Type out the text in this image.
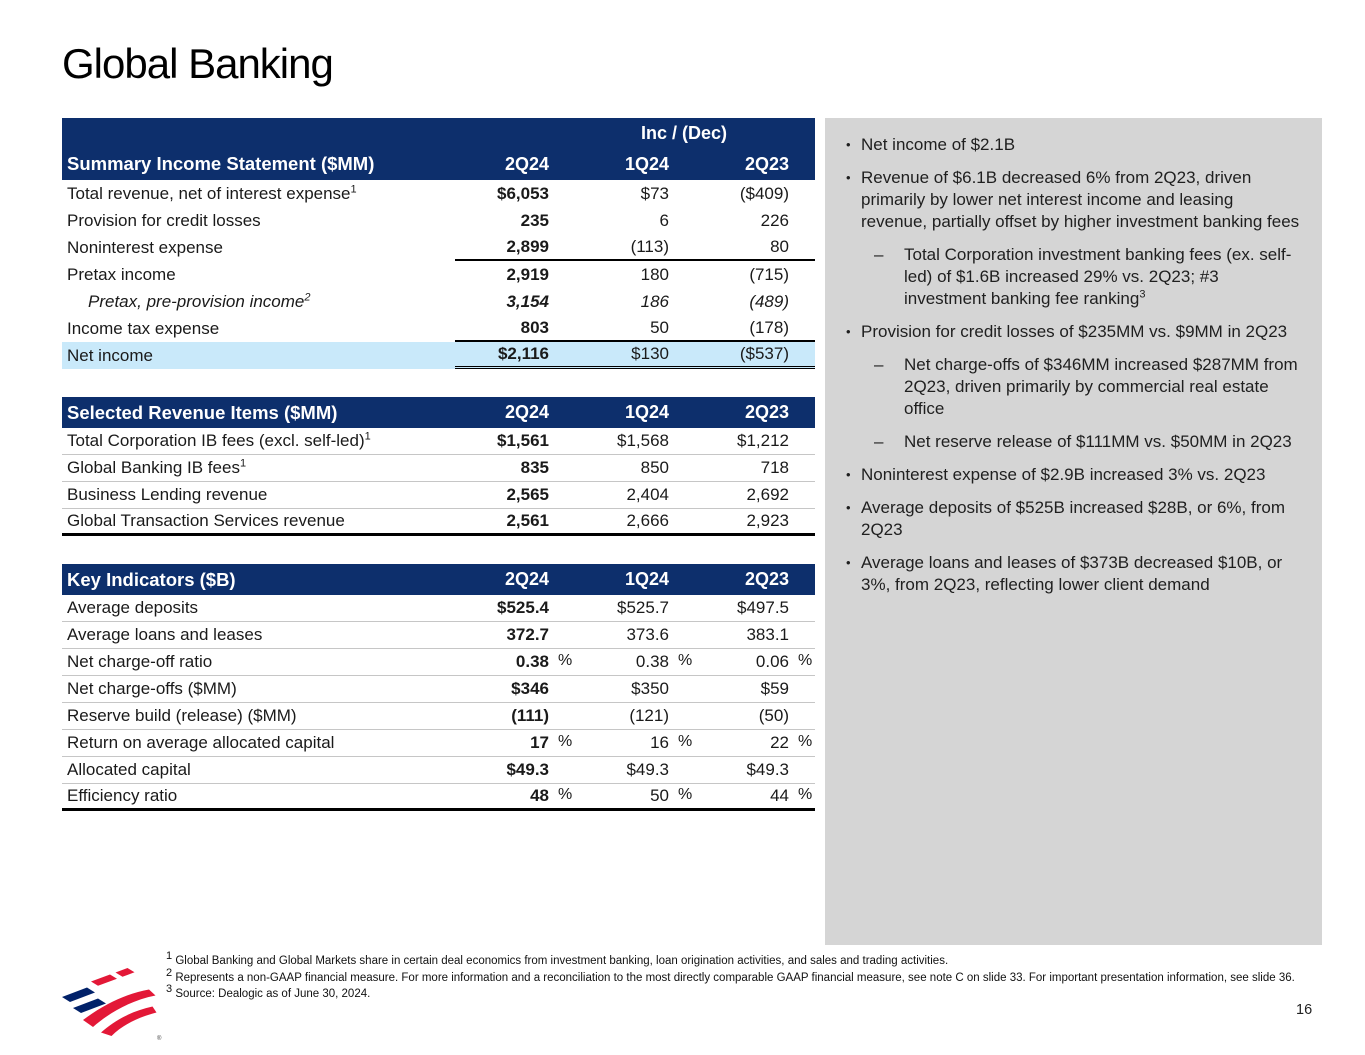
Global Banking
Inc / (Dec)
Summary Income Statement ($MM)	2Q24	1Q24	2Q23
Total revenue, net of interest expense$^1$	$6,053	$73	($409)
Provision for credit losses	235	6	226
Noninterest expense	2,899	(113)	80
Pretax income	2,919	180	(715)
Pretax, pre-provision income$^2$	3,154	186	(489)
Income tax expense	803	50	(178)
Net income	$2,116	$130	($537)
Selected Revenue Items ($MM)	2Q24	1Q24	2Q23
Total Corporation IB fees (excl. self-led)$^1$	$1,561	$1,568	$1,212
Global Banking IB fees$^1$	835	850	718
Business Lending revenue	2,565	2,404	2,692
Global Transaction Services revenue	2,561	2,666	2,923
Key Indicators ($B)	2Q24	1Q24	2Q23
Average deposits	$525.4	$525.7	$497.5
Average loans and leases	372.7	373.6	383.1
Net charge-off ratio	0.38 %	0.38 %	0.06 %
Net charge-offs ($MM)	$346	$350	$59
Reserve build (release) ($MM)	(111)	(121)	(50)
Return on average allocated capital	17 %	16 %	22 %
Allocated capital	$49.3	$49.3	$49.3
Efficiency ratio	48 %	50 %	44 %
• Net income of $2.1B
• Revenue of $6.1B decreased 6% from 2Q23, driven primarily by lower net interest income and leasing revenue, partially offset by higher investment banking fees
–	Total Corporation investment banking fees (ex. self-led) of $1.6B increased 29% vs. 2Q23; #3 investment banking fee ranking$^3$
• Provision for credit losses of $235MM vs. $9MM in 2Q23
–	Net charge-offs of $346MM increased $287MM from 2Q23, driven primarily by commercial real estate office
–	Net reserve release of $111MM vs. $50MM in 2Q23
• Noninterest expense of $2.9B increased 3% vs. 2Q23
• Average deposits of $525B increased $28B, or 6%, from 2Q23
• Average loans and leases of $373B decreased $10B, or 3%, from 2Q23, reflecting lower client demand
$^1$ Global Banking and Global Markets share in certain deal economics from investment banking, loan origination activities, and sales and trading activities.
$^2$ Represents a non-GAAP financial measure. For more information and a reconciliation to the most directly comparable GAAP financial measure, see note C on slide 33. For important presentation information, see slide 36.
$^3$ Source: Dealogic as of June 30, 2024.
®
16
